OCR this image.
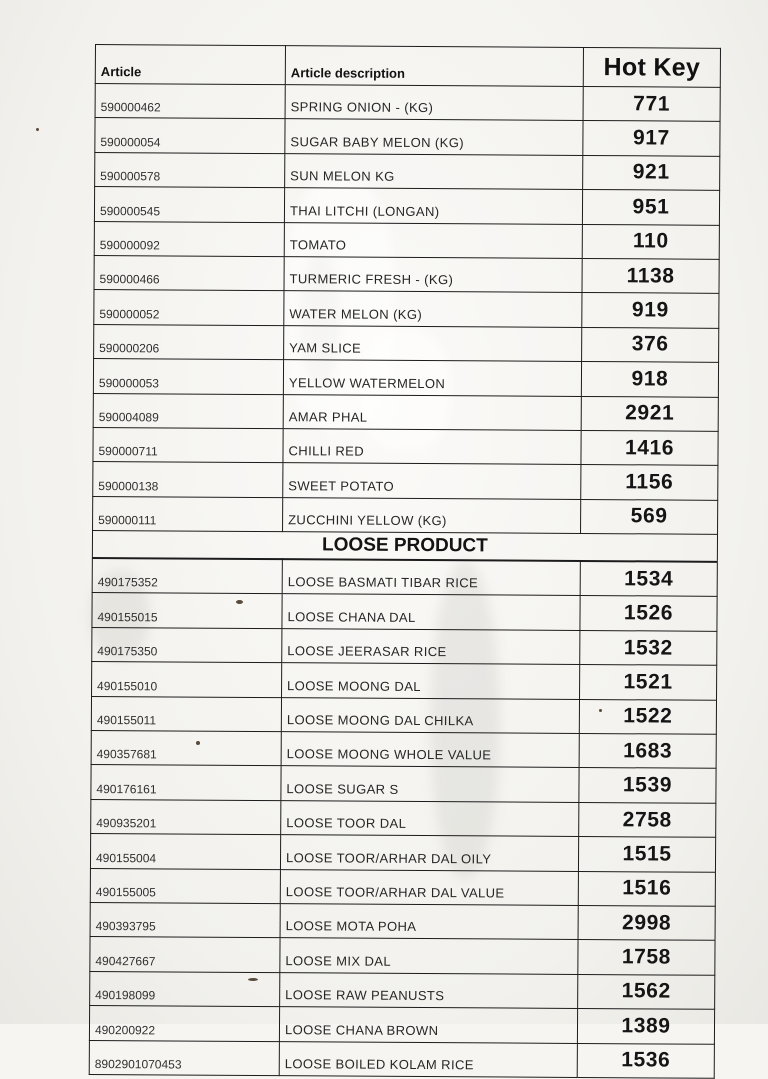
Article	Article description	Hot Key
590000462	SPRING ONION - (KG)	771
590000054	SUGAR BABY MELON (KG)	917
590000578	SUN MELON KG	921
590000545	THAI LITCHI (LONGAN)	951
590000092	TOMATO	110
590000466	TURMERIC FRESH - (KG)	1138
590000052	WATER MELON (KG)	919
590000206	YAM SLICE	376
590000053	YELLOW WATERMELON	918
590004089	AMAR PHAL	2921
590000711	CHILLI RED	1416
590000138	SWEET POTATO	1156
590000111	ZUCCHINI YELLOW (KG)	569
LOOSE PRODUCT		
490175352	LOOSE BASMATI TIBAR RICE	1534
490155015	LOOSE CHANA DAL	1526
490175350	LOOSE JEERASAR RICE	1532
490155010	LOOSE MOONG DAL	1521
490155011	LOOSE MOONG DAL CHILKA	1522
490357681	LOOSE MOONG WHOLE VALUE	1683
490176161	LOOSE SUGAR S	1539
490935201	LOOSE TOOR DAL	2758
490155004	LOOSE TOOR/ARHAR DAL OILY	1515
490155005	LOOSE TOOR/ARHAR DAL VALUE	1516
490393795	LOOSE MOTA POHA	2998
490427667	LOOSE MIX DAL	1758
490198099	LOOSE RAW PEANUSTS	1562
490200922	LOOSE CHANA BROWN	1389
8902901070453	LOOSE BOILED KOLAM RICE	1536
